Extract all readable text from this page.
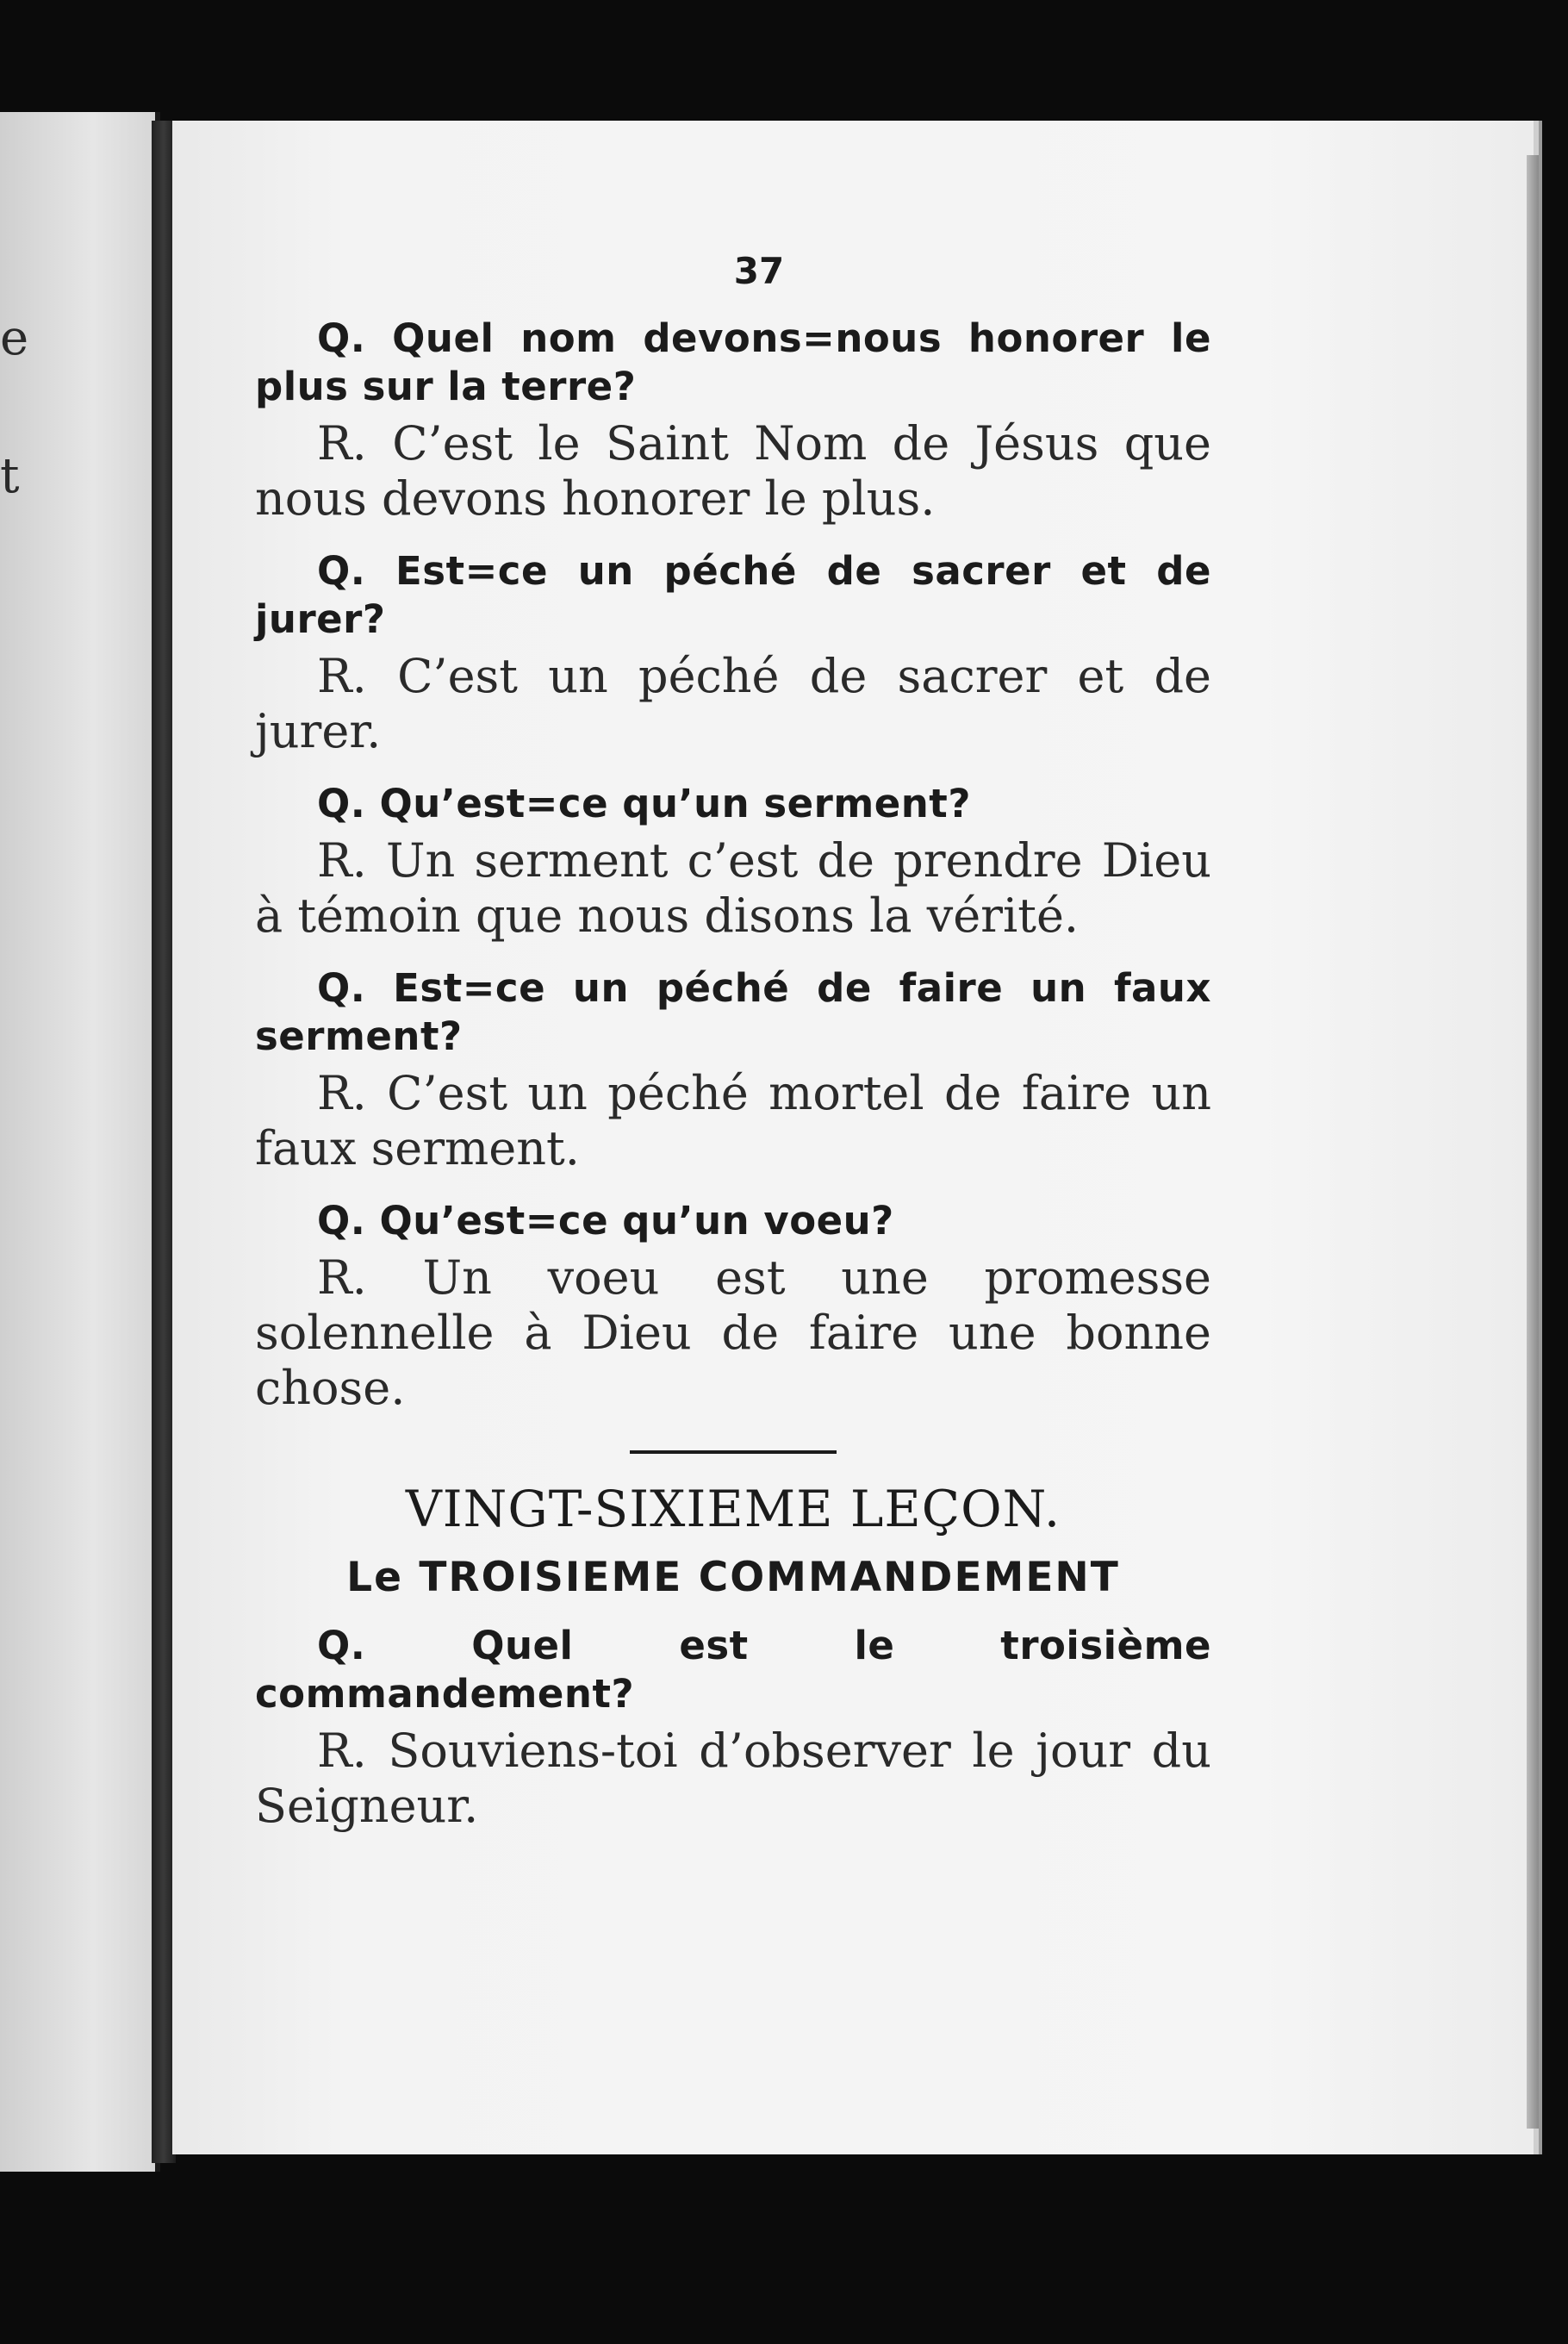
e
t
37

Q. Quel nom devons=nous honorer le plus sur la terre?

R. C’est le Saint Nom de Jésus que nous devons honorer le plus.

Q. Est=ce un péché de sacrer et de jurer?

R. C’est un péché de sacrer et de jurer.

Q. Qu’est=ce qu’un serment?

R. Un serment c’est de prendre Dieu à témoin que nous disons la vérité.

Q. Est=ce un péché de faire un faux serment?

R. C’est un péché mortel de faire un faux serment.

Q. Qu’est=ce qu’un voeu?

R. Un voeu est une promesse solennelle à Dieu de faire une bonne chose.

VINGT-SIXIEME LEÇON.
Le TROISIEME COMMANDEMENT

Q. Quel est le troisième commandement?

R. Souviens-toi d’observer le jour du Seigneur.
